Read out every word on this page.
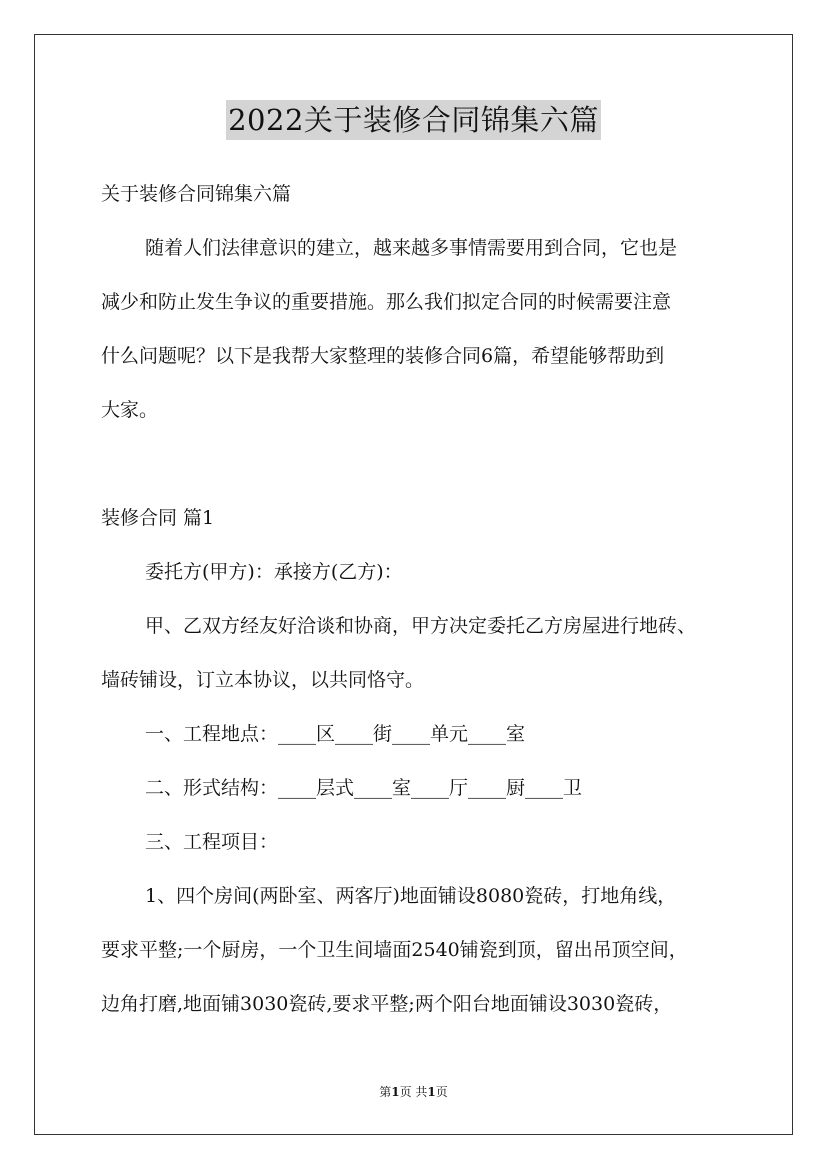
2022关于装修合同锦集六篇
关于装修合同锦集六篇
随着人们法律意识的建立，越来越多事情需要用到合同，它也是
减少和防止发生争议的重要措施。那么我们拟定合同的时候需要注意
什么问题呢？以下是我帮大家整理的装修合同6篇，希望能够帮助到
大家。
装修合同 篇1
委托方(甲方)：承接方(乙方)：
甲、乙双方经友好洽谈和协商，甲方决定委托乙方房屋进行地砖、
墙砖铺设，订立本协议，以共同恪守。
一、工程地点：____区____街____单元____室
二、形式结构：____层式____室____厅____厨____卫
三、工程项目：
1、四个房间(两卧室、两客厅)地面铺设8080瓷砖，打地角线，
要求平整;一个厨房，一个卫生间墙面2540铺瓷到顶，留出吊顶空间，
边角打磨,地面铺3030瓷砖,要求平整;两个阳台地面铺设3030瓷砖，
第1页 共1页
